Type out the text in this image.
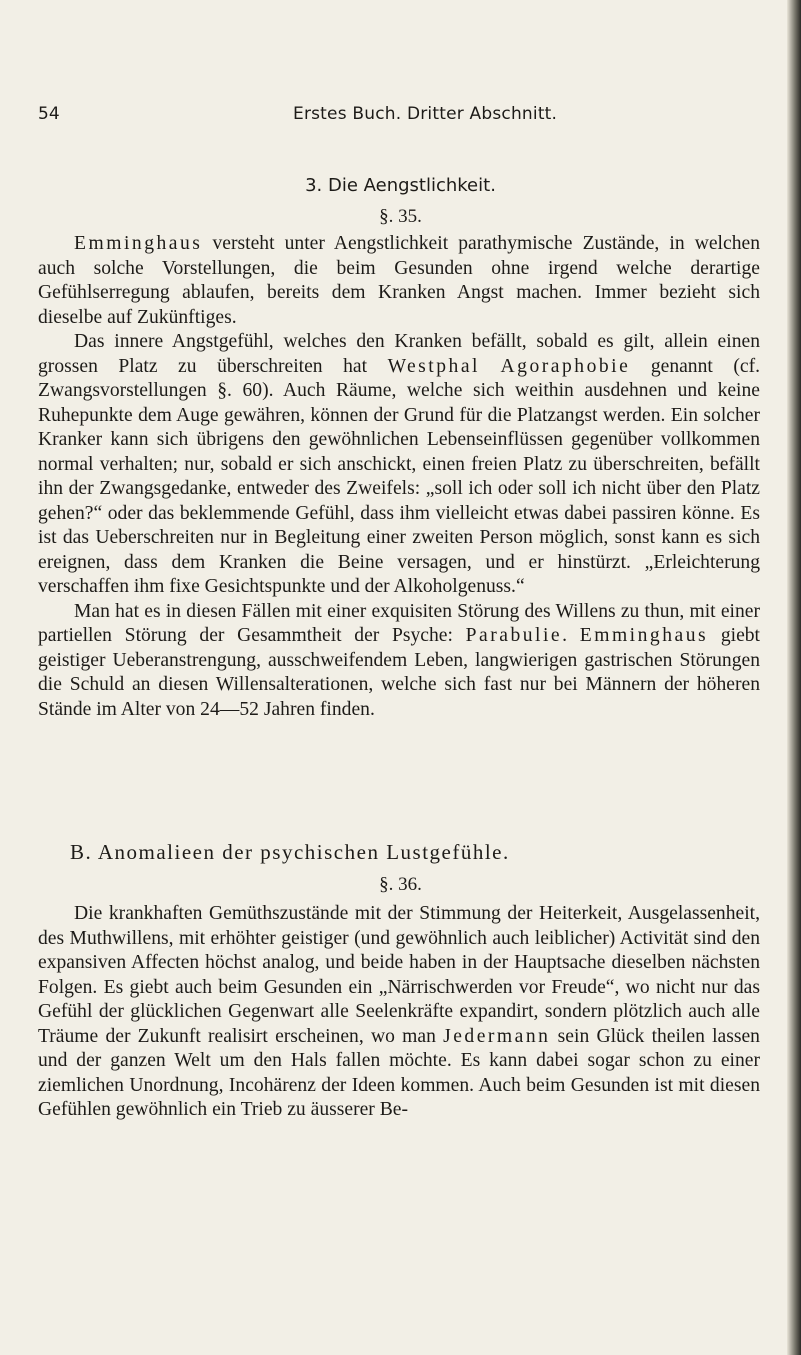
54	Erstes Buch. Dritter Abschnitt.
3. Die Aengstlichkeit.
§. 35.

Emminghaus versteht unter Aengstlichkeit parathymische Zustände, in welchen auch solche Vorstellungen, die beim Gesunden ohne irgend welche derartige Gefühlserregung ablaufen, bereits dem Kranken Angst machen. Immer bezieht sich dieselbe auf Zukünftiges.

Das innere Angstgefühl, welches den Kranken befällt, sobald es gilt, allein einen grossen Platz zu überschreiten hat Westphal Agoraphobie genannt (cf. Zwangsvorstellungen §. 60). Auch Räume, welche sich weithin ausdehnen und keine Ruhepunkte dem Auge gewähren, können der Grund für die Platzangst werden. Ein solcher Kranker kann sich übrigens den gewöhnlichen Lebenseinflüssen gegenüber vollkommen normal verhalten; nur, sobald er sich anschickt, einen freien Platz zu überschreiten, befällt ihn der Zwangsgedanke, entweder des Zweifels: „soll ich oder soll ich nicht über den Platz gehen?“ oder das beklemmende Gefühl, dass ihm vielleicht etwas dabei passiren könne. Es ist das Ueberschreiten nur in Begleitung einer zweiten Person möglich, sonst kann es sich ereignen, dass dem Kranken die Beine versagen, und er hinstürzt. „Erleichterung verschaffen ihm fixe Gesichtspunkte und der Alkoholgenuss.“

Man hat es in diesen Fällen mit einer exquisiten Störung des Willens zu thun, mit einer partiellen Störung der Gesammtheit der Psyche: Parabulie. Emminghaus giebt geistiger Ueberanstrengung, ausschweifendem Leben, langwierigen gastrischen Störungen die Schuld an diesen Willensalterationen, welche sich fast nur bei Männern der höheren Stände im Alter von 24—52 Jahren finden.

B. Anomalieen der psychischen Lustgefühle.
§. 36.

Die krankhaften Gemüthszustände mit der Stimmung der Heiterkeit, Ausgelassenheit, des Muthwillens, mit erhöhter geistiger (und gewöhnlich auch leiblicher) Activität sind den expansiven Affecten höchst analog, und beide haben in der Hauptsache dieselben nächsten Folgen. Es giebt auch beim Gesunden ein „Närrischwerden vor Freude“, wo nicht nur das Gefühl der glücklichen Gegenwart alle Seelenkräfte expandirt, sondern plötzlich auch alle Träume der Zukunft realisirt erscheinen, wo man Jedermann sein Glück theilen lassen und der ganzen Welt um den Hals fallen möchte. Es kann dabei sogar schon zu einer ziemlichen Unordnung, Incohärenz der Ideen kommen. Auch beim Gesunden ist mit diesen Gefühlen gewöhnlich ein Trieb zu äusserer Be-
